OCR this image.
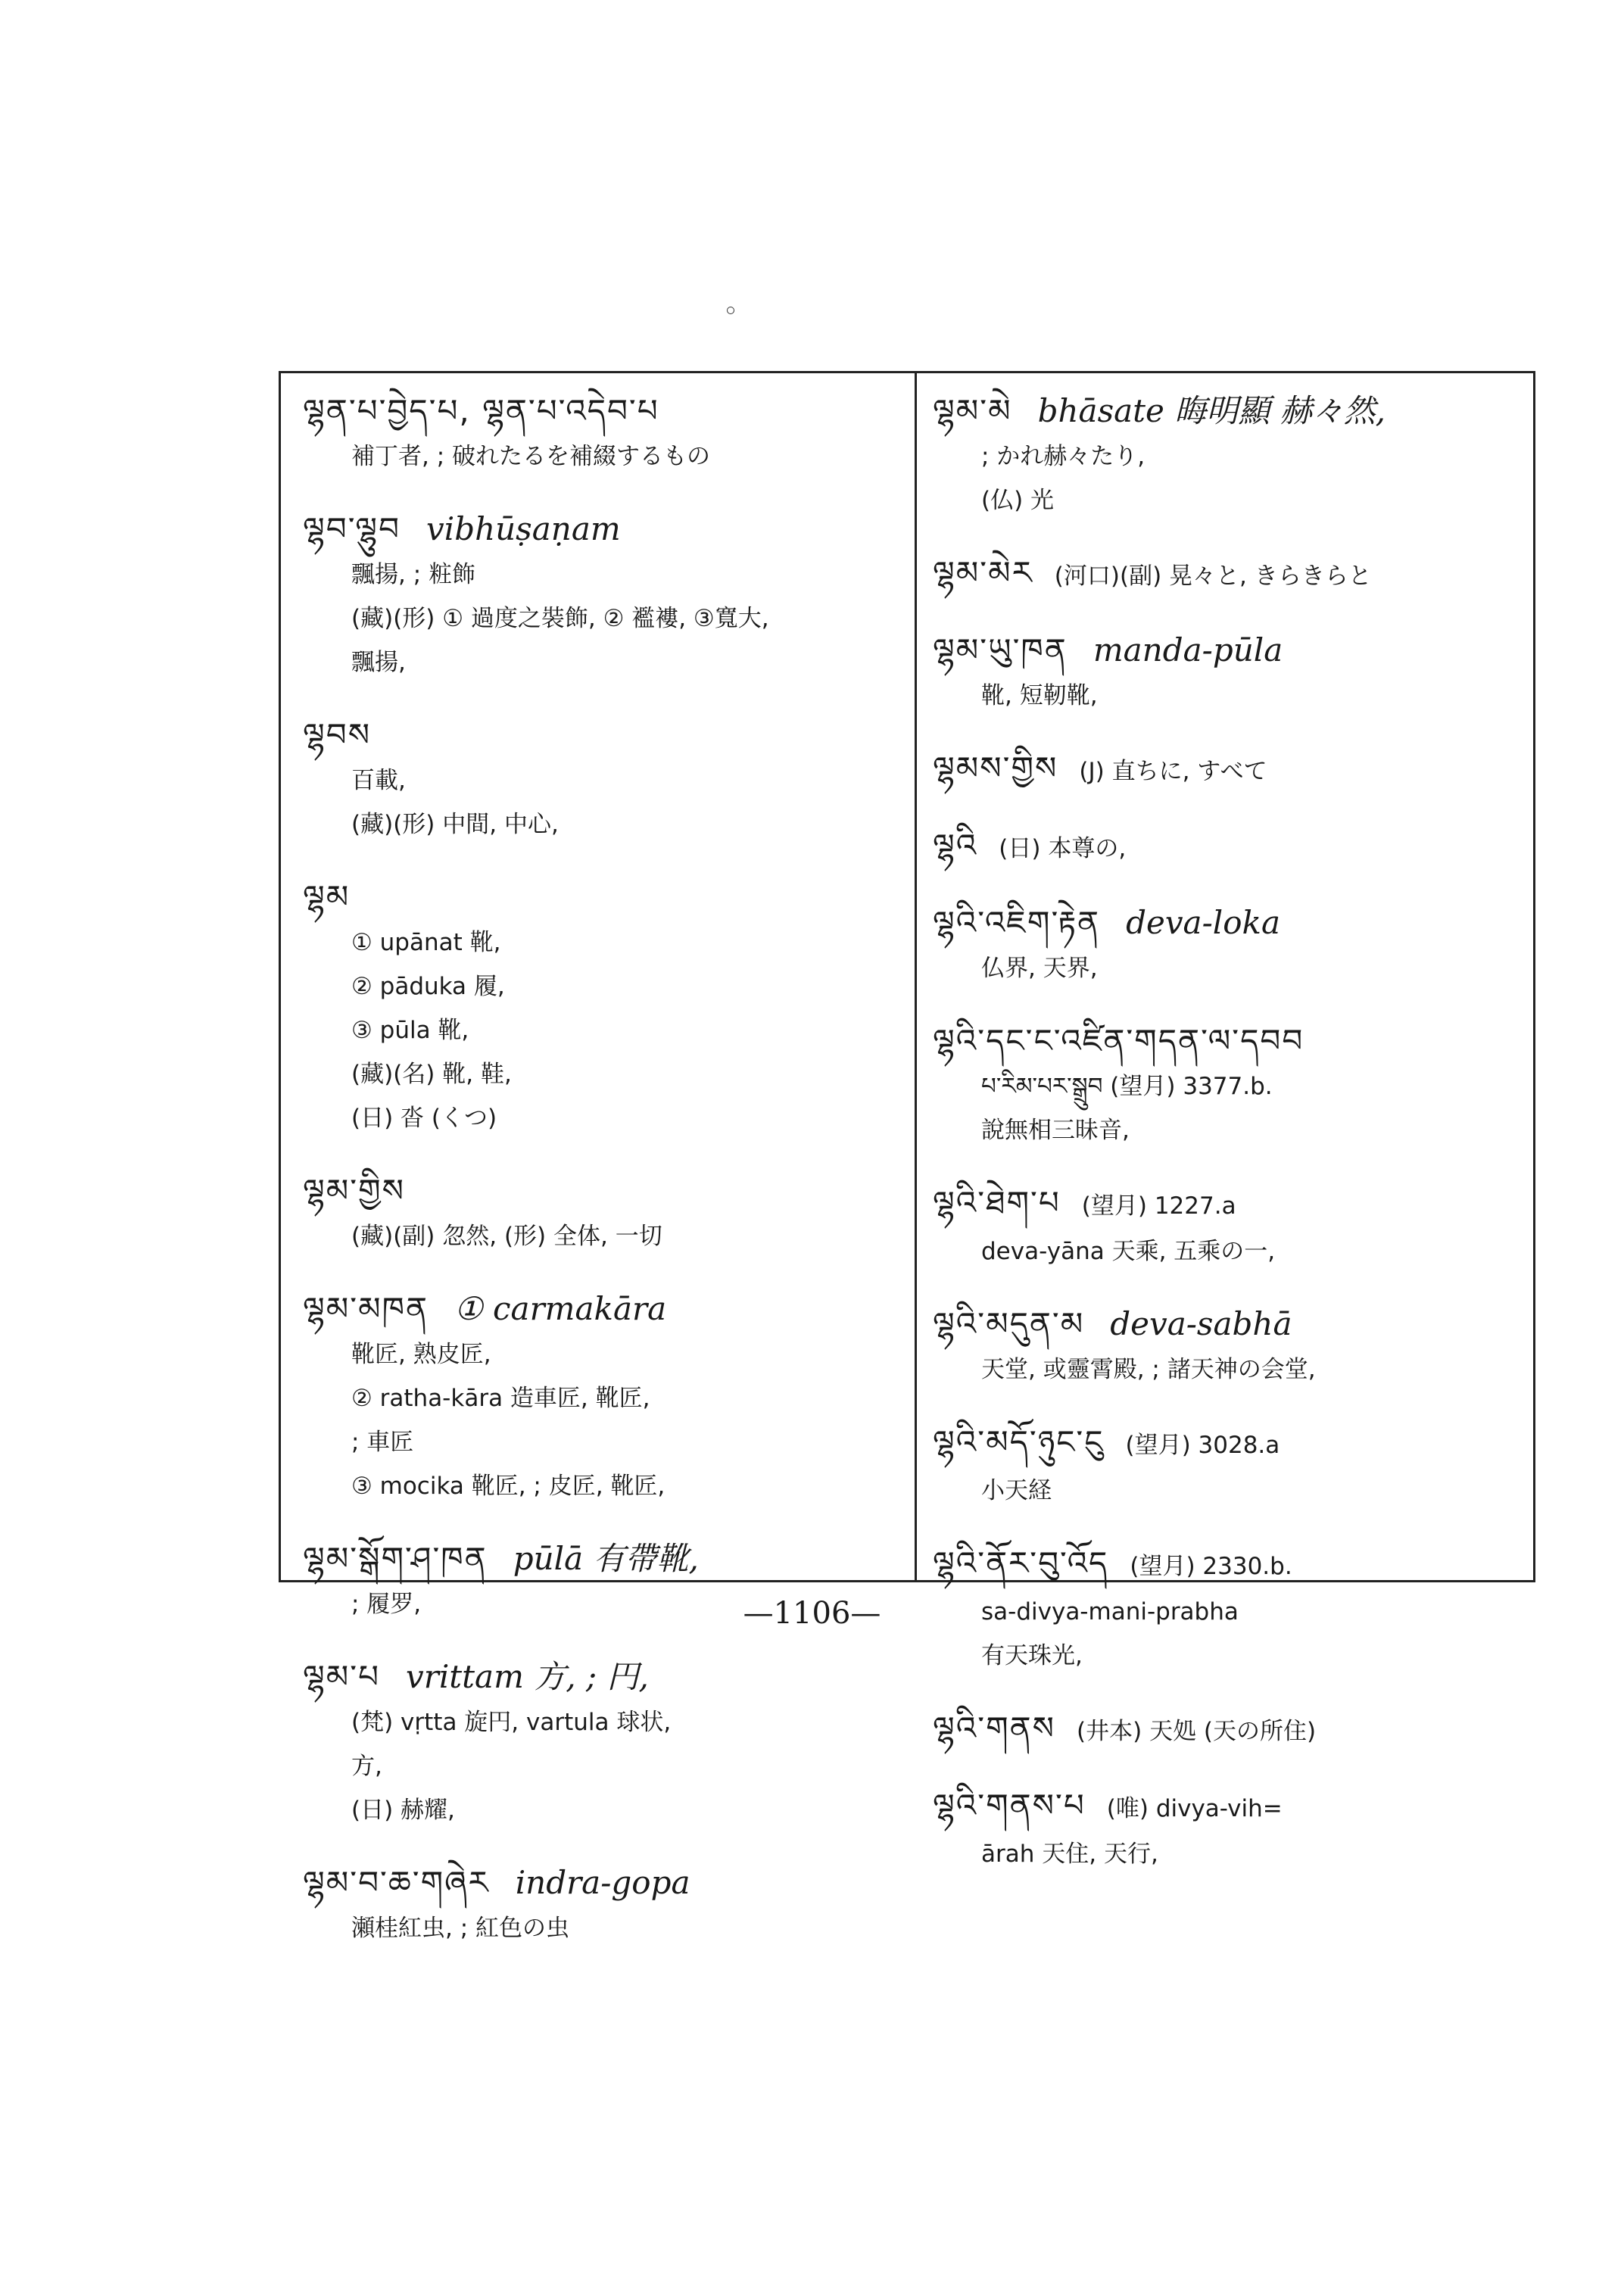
ལྷན་པ་བྱེད་པ, ལྷན་པ་འདེབ་པ
補丁者, ; 破れたるを補綴するもの
ལྷབ་ལྷུབ vibhūṣaṇam
飄揚, ; 粧飾
(藏)(形) ① 過度之裝飾, ② 襤褸, ③寬大,
飄揚,
ལྷབས
百載,
(藏)(形) 中間, 中心,
ལྷམ
① upānat 靴,
② pāduka 履,
③ pūla 靴,
(藏)(名) 靴, 鞋,
(日) 沓 (くつ)
ལྷམ་གྱིས
(藏)(副) 忽然, (形) 全体, 一切
ལྷམ་མཁན ① carmakāra
靴匠, 熟皮匠,
② ratha-kāra 造車匠, 靴匠,
; 車匠
③ mocika 靴匠, ; 皮匠, 靴匠,
ལྷམ་སྒོག་ཤ་ཁན pūlā 有帶靴,
; 履罗,
ལྷམ་པ vrittam 方, ; 円,
(梵) vṛtta 旋円, vartula 球状,
方,
(日) 赫耀,
ལྷམ་བ་ཆ་གཞེར indra-gopa
瀬桂紅虫, ; 紅色の虫
ལྷམ་མེ bhāsate 晦明顯 赫々然,
; かれ赫々たり,
(仏) 光
ལྷམ་མེར (河口)(副) 晃々と, きらきらと
ལྷམ་ཡུ་ཁན manda-pūla
靴, 短靭靴,
ལྷམས་གྱིས (J) 直ちに, すべて
ལྷའི (日) 本尊の,
ལྷའི་འཇིག་རྟེན deva-loka
仏界, 天界,
ལྷའི་དང་ང་འཛིན་གདན་ལ་དབབ
པ་རིམ་པར་སྒྲུབ (望月) 3377.b.
說無相三昧音,
ལྷའི་ཐེག་པ (望月) 1227.a
deva-yāna 天乘, 五乘の一,
ལྷའི་མདུན་མ deva-sabhā
天堂, 或靈霄殿, ; 諸天神の会堂,
ལྷའི་མདོ་ཉུང་ངུ (望月) 3028.a
小天経
ལྷའི་ནོར་བུ་འོད (望月) 2330.b.
sa-divya-mani-prabha
有天珠光,
ལྷའི་གནས (井本) 天処 (天の所住)
ལྷའི་གནས་པ (唯) divya-vih=
ārah 天住, 天行,
—1106—
